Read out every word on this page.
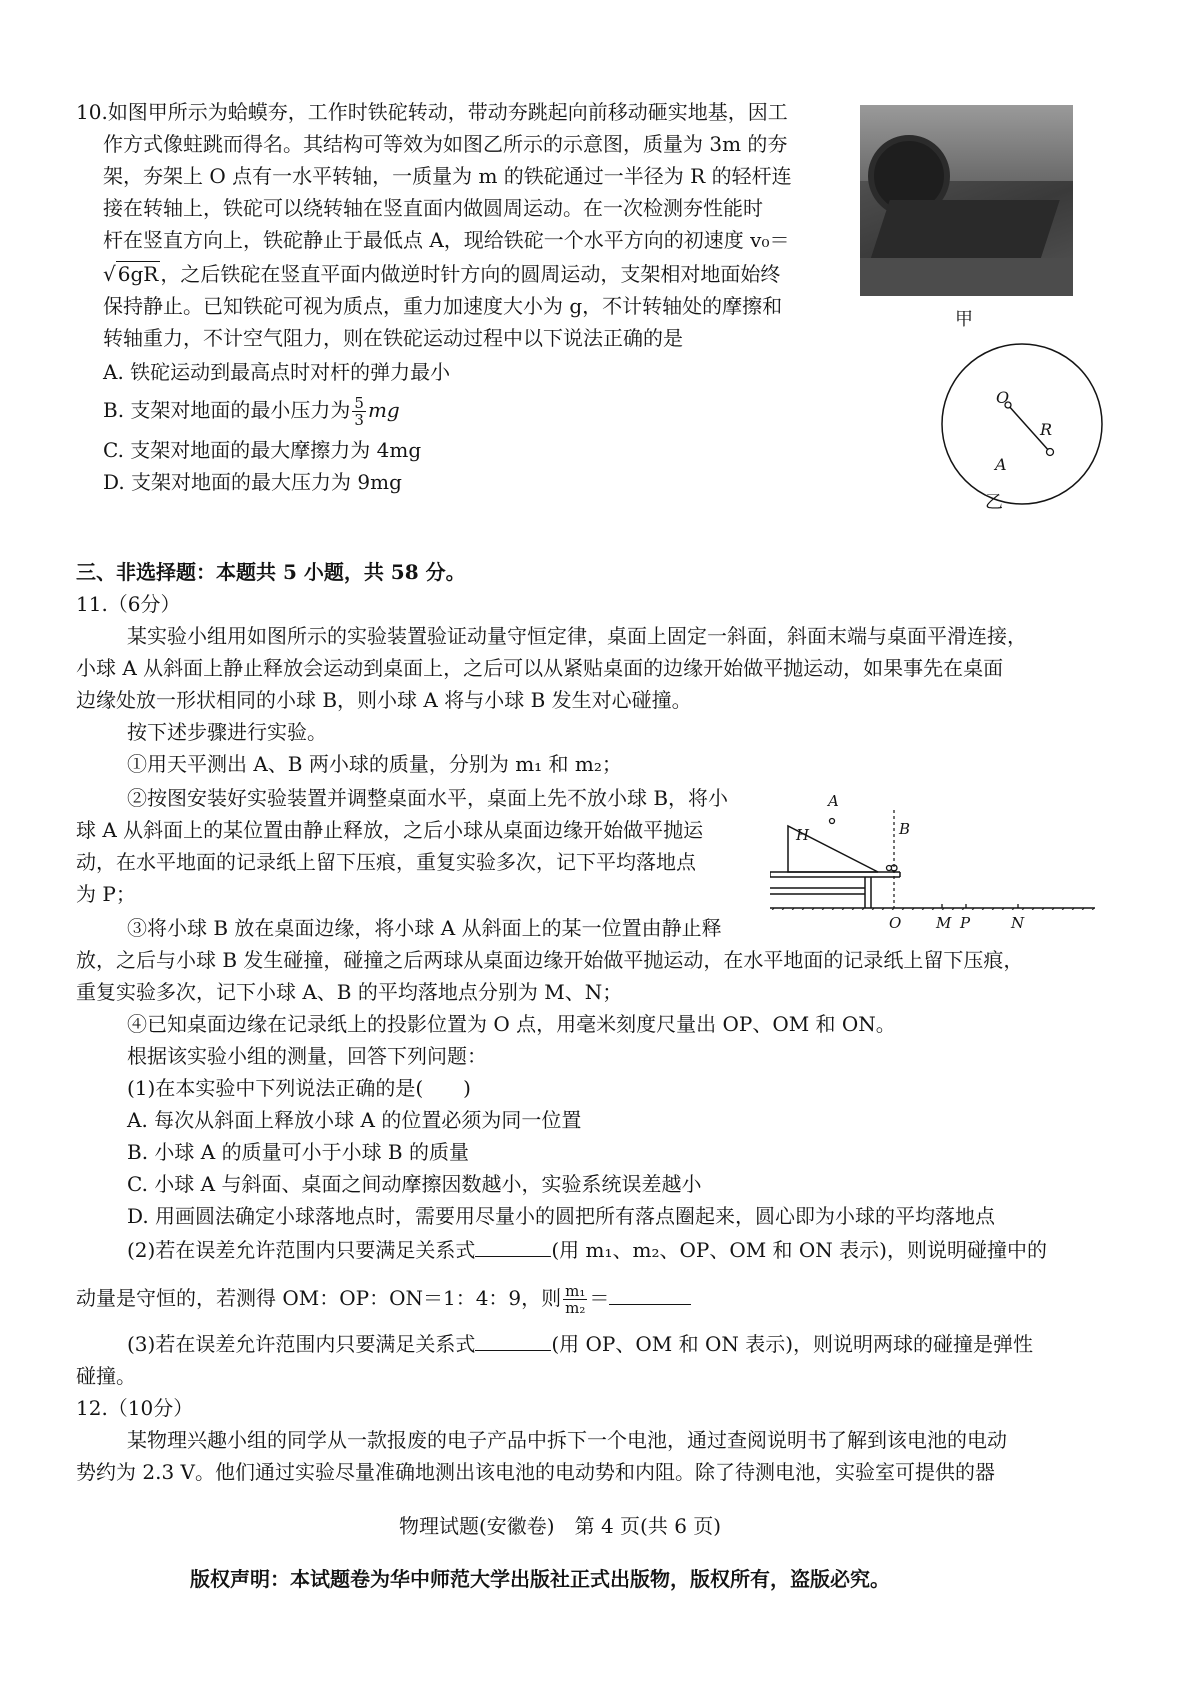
10.如图甲所示为蛤蟆夯，工作时铁砣转动，带动夯跳起向前移动砸实地基，因工
作方式像蛀跳而得名。其结构可等效为如图乙所示的示意图，质量为 3m 的夯
架，夯架上 O 点有一水平转轴，一质量为 m 的铁砣通过一半径为 R 的轻杆连
接在转轴上，铁砣可以绕转轴在竖直面内做圆周运动。在一次检测夯性能时
杆在竖直方向上，铁砣静止于最低点 A，现给铁砣一个水平方向的初速度 v₀＝
√ 6gR ，之后铁砣在竖直平面内做逆时针方向的圆周运动，支架相对地面始终
保持静止。已知铁砣可视为质点，重力加速度大小为 g，不计转轴处的摩擦和
转轴重力，不计空气阻力，则在铁砣运动过程中以下说法正确的是
A. 铁砣运动到最高点时对杆的弹力最小
B. 支架对地面的最小压力为 $\frac{5}{3}$ mg
C. 支架对地面的最大摩擦力为 4mg
D. 支架对地面的最大压力为 9mg
甲
O
R
A
乙
三、非选择题：本题共 5 小题，共 58 分。
11.（6分）
某实验小组用如图所示的实验装置验证动量守恒定律，桌面上固定一斜面，斜面末端与桌面平滑连接，
小球 A 从斜面上静止释放会运动到桌面上，之后可以从紧贴桌面的边缘开始做平抛运动，如果事先在桌面
边缘处放一形状相同的小球 B，则小球 A 将与小球 B 发生对心碰撞。
按下述步骤进行实验。
①用天平测出 A、B 两小球的质量，分别为 m₁ 和 m₂；
②按图安装好实验装置并调整桌面水平，桌面上先不放小球 B，将小
球 A 从斜面上的某位置由静止释放，之后小球从桌面边缘开始做平抛运
动，在水平地面的记录纸上留下压痕，重复实验多次，记下平均落地点
为 P；
③将小球 B 放在桌面边缘，将小球 A 从斜面上的某一位置由静止释
放，之后与小球 B 发生碰撞，碰撞之后两球从桌面边缘开始做平抛运动，在水平地面的记录纸上留下压痕，
重复实验多次，记下小球 A、B 的平均落地点分别为 M、N；
④已知桌面边缘在记录纸上的投影位置为 O 点，用毫米刻度尺量出 OP、OM 和 ON。
根据该实验小组的测量，回答下列问题：
(1)在本实验中下列说法正确的是(　　)
A. 每次从斜面上释放小球 A 的位置必须为同一位置
B. 小球 A 的质量可小于小球 B 的质量
C. 小球 A 与斜面、桌面之间动摩擦因数越小，实验系统误差越小
D. 用画圆法确定小球落地点时，需要用尽量小的圆把所有落点圈起来，圆心即为小球的平均落地点
(2)若在误差允许范围内只要满足关系式	(用 m₁、m₂、OP、OM 和 ON 表示)，则说明碰撞中的
动量是守恒的，若测得 OM：OP：ON＝1：4：9，则 $\frac{\text{m₁}}{\text{m₂}}$ ＝
(3)若在误差允许范围内只要满足关系式	(用 OP、OM 和 ON 表示)，则说明两球的碰撞是弹性
碰撞。
A
H	B
O M P	N
12.（10分）
某物理兴趣小组的同学从一款报废的电子产品中拆下一个电池，通过查阅说明书了解到该电池的电动
势约为 2.3 V。他们通过实验尽量准确地测出该电池的电动势和内阻。除了待测电池，实验室可提供的器
物理试题(安徽卷)　第 4 页(共 6 页)
版权声明：本试题卷为华中师范大学出版社正式出版物，版权所有，盗版必究。
